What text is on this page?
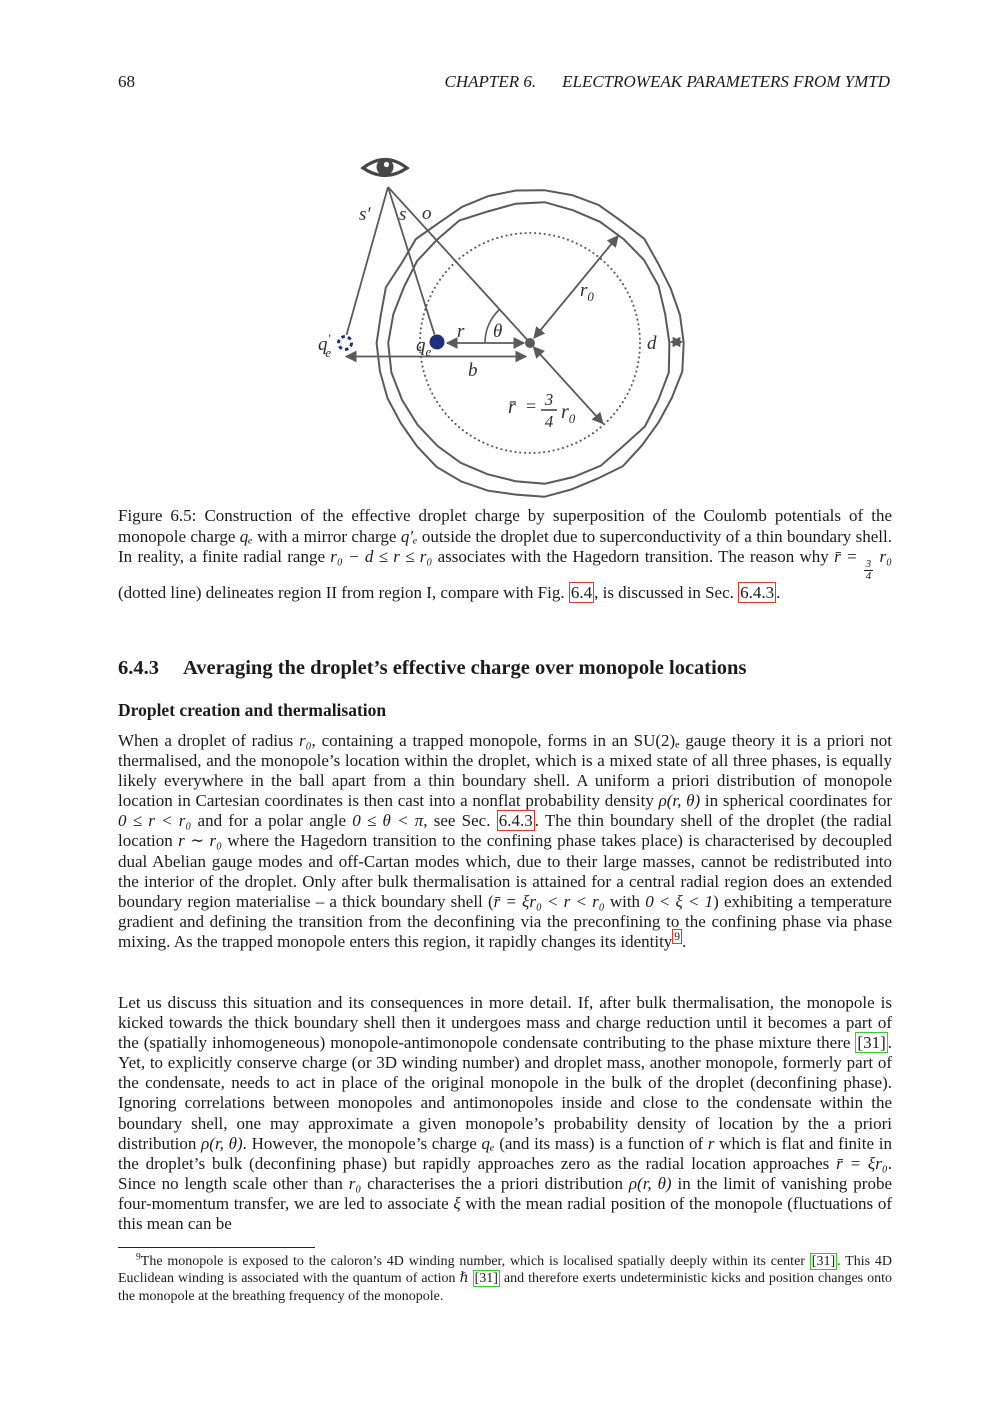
68	CHAPTER 6. ELECTROWEAK PARAMETERS FROM YMTD
s′ s o
q′ e	$q_e$
r θ
$r_0$
d
b
r̄ = 3
4 $r_0$
Figure 6.5: Construction of the effective droplet charge by superposition of the Coulomb potentials of the monopole charge qₑ with a mirror charge q′ₑ outside the droplet due to superconductivity of a thin boundary shell. In reality, a finite radial range r₀ − d ≤ r ≤ r₀ associates with the Hagedorn transition. The reason why r̄ =
$\frac{3}{4}$
r₀ (dotted line) delineates region II from region I, compare with Fig. 6.4 , is discussed in Sec. 6.4.3 .
6.4.3 Averaging the droplet’s effective charge over monopole locations
Droplet creation and thermalisation

When a droplet of radius r₀, containing a trapped monopole, forms in an SU(2)ₑ gauge theory it is a priori not thermalised, and the monopole’s location within the droplet, which is a mixed state of all three phases, is equally likely everywhere in the ball apart from a thin boundary shell. A uniform a priori distribution of monopole location in Cartesian coordinates is then cast into a nonflat probability density ρ(r, θ) in spherical coordinates for 0 ≤ r < r₀ and for a polar angle 0 ≤ θ < π, see Sec. 6.4.3 . The thin boundary shell of the droplet (the radial location r ∼ r₀ where the Hagedorn transition to the confining phase takes place) is characterised by decoupled dual Abelian gauge modes and off-Cartan modes which, due to their large masses, cannot be redistributed into the interior of the droplet. Only after bulk thermalisation is attained for a central radial region does an extended boundary region materialise – a thick boundary shell (r̄ = ξr₀ < r < r₀ with 0 < ξ < 1) exhibiting a temperature gradient and defining the transition from the deconfining via the preconfining to the confining phase via phase mixing. As the trapped monopole enters this region, it rapidly changes its identity $^9$ .

Let us discuss this situation and its consequences in more detail. If, after bulk thermalisation, the monopole is kicked towards the thick boundary shell then it undergoes mass and charge reduction until it becomes a part of the (spatially inhomogeneous) monopole-antimonopole condensate contributing to the phase mixture there [31] . Yet, to explicitly conserve charge (or 3D winding number) and droplet mass, another monopole, formerly part of the condensate, needs to act in place of the original monopole in the bulk of the droplet (deconfining phase). Ignoring correlations between monopoles and antimonopoles inside and close to the condensate within the boundary shell, one may approximate a given monopole’s probability density of location by the a priori distribution ρ(r, θ). However, the monopole’s charge qₑ (and its mass) is a function of r which is flat and finite in the droplet’s bulk (deconfining phase) but rapidly approaches zero as the radial location approaches r̄ = ξr₀. Since no length scale other than r₀ characterises the a priori distribution ρ(r, θ) in the limit of vanishing probe four-momentum transfer, we are led to associate ξ with the mean radial position of the monopole (fluctuations of this mean can be

$^9$The monopole is exposed to the caloron’s 4D winding number, which is localised spatially deeply within its center [31] . This 4D Euclidean winding is associated with the quantum of action ℏ [31] and therefore exerts undeterministic kicks and position changes onto the monopole at the breathing frequency of the monopole.
